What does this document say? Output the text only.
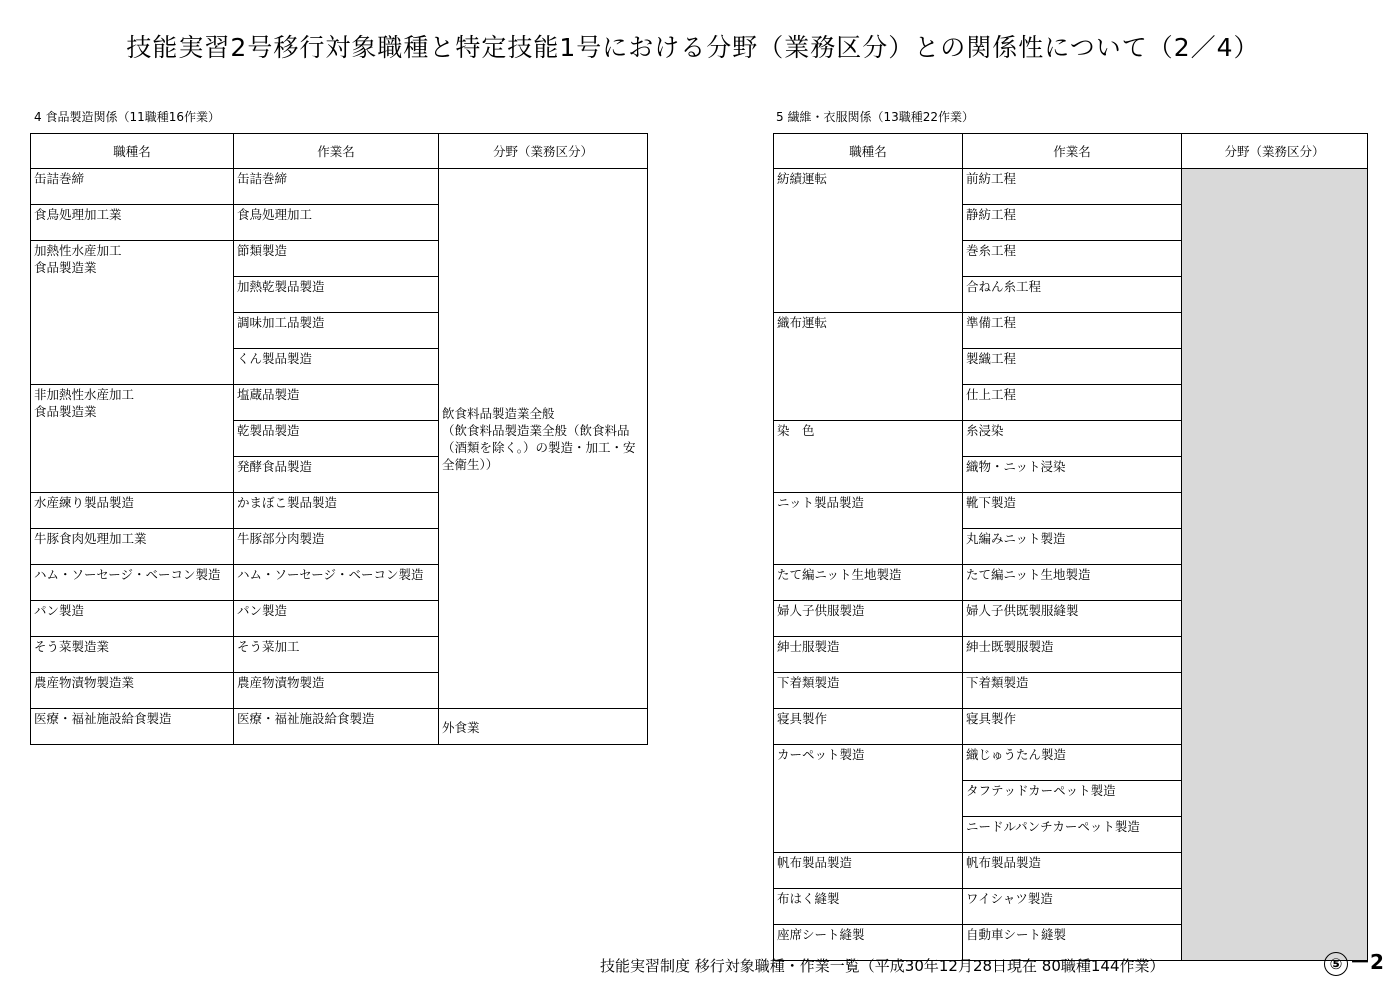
技能実習2号移行対象職種と特定技能1号における分野（業務区分）との関係性について（2／4）
4 食品製造関係（11職種16作業）	5 繊維・衣服関係（13職種22作業）
職種名	作業名	分野（業務区分）
缶詰巻締	缶詰巻締	飲食料品製造業全般
（飲食料品製造業全般（飲食料品（酒類を除く。）の製造・加工・安全衛生））
食鳥処理加工業	食鳥処理加工	
加熱性水産加工
食品製造業	節類製造	
	加熱乾製品製造	
	調味加工品製造	
	くん製品製造	
非加熱性水産加工
食品製造業	塩蔵品製造	
	乾製品製造	
	発酵食品製造	
水産練り製品製造	かまぼこ製品製造	
牛豚食肉処理加工業	牛豚部分肉製造	
ハム・ソーセージ・ベーコン製造	ハム・ソーセージ・ベーコン製造	
パン製造	パン製造	
そう菜製造業	そう菜加工	
農産物漬物製造業	農産物漬物製造	
医療・福祉施設給食製造	医療・福祉施設給食製造	外食業
職種名	作業名	分野（業務区分）
紡績運転	前紡工程	
	静紡工程	
	巻糸工程	
	合ねん糸工程	
織布運転	準備工程	
	製織工程	
	仕上工程	
染　色	糸浸染	
	織物・ニット浸染	
ニット製品製造	靴下製造	
	丸編みニット製造	
たて編ニット生地製造	たて編ニット生地製造	
婦人子供服製造	婦人子供既製服縫製	
紳士服製造	紳士既製服製造	
下着類製造	下着類製造	
寝具製作	寝具製作	
カーペット製造	織じゅうたん製造	
	タフテッドカーペット製造	
	ニードルパンチカーペット製造	
帆布製品製造	帆布製品製造	
布はく縫製	ワイシャツ製造	
座席シート縫製	自動車シート縫製	
技能実習制度 移行対象職種・作業一覧（平成30年12月28日現在 80職種144作業）	⑤ －2
